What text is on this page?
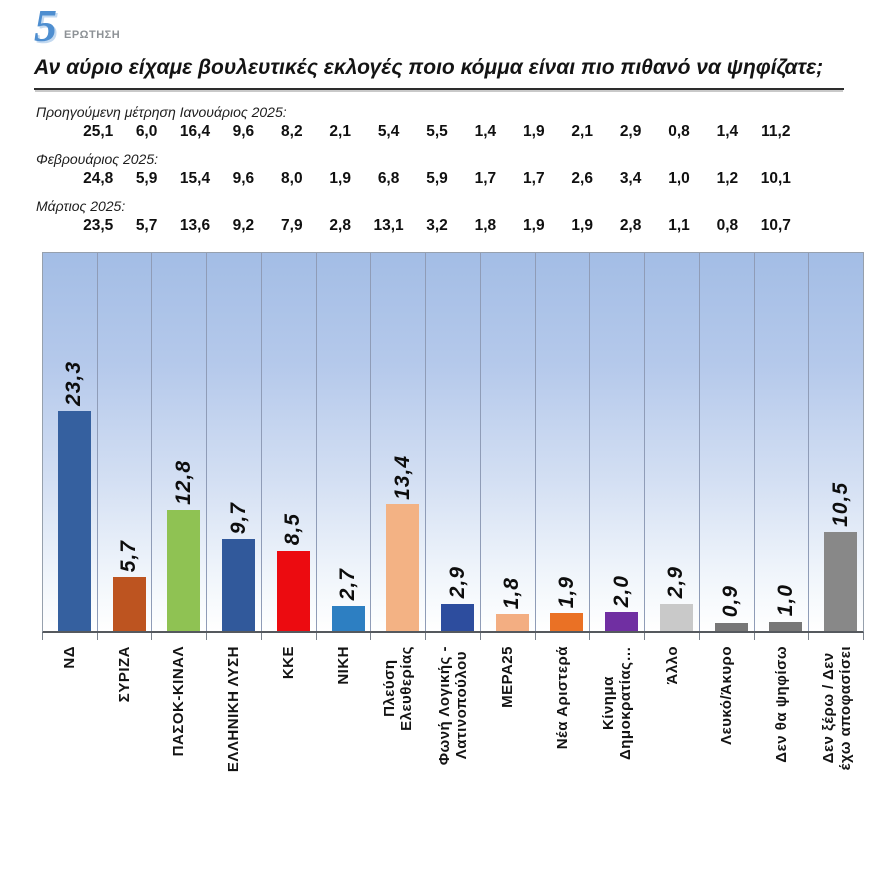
5 ΕΡΩΤΗΣΗ
Αν αύριο είχαμε βουλευτικές εκλογές ποιο κόμμα είναι πιο πιθανό να ψηφίζατε;
Προηγούμενη μέτρηση Ιανουάριος 2025:
25,1	6,0	16,4	9,6	8,2	2,1	5,4	5,5	1,4	1,9	2,1	2,9	0,8	1,4	11,2
Φεβρουάριος 2025:
24,8	5,9	15,4	9,6	8,0	1,9	6,8	5,9	1,7	1,7	2,6	3,4	1,0	1,2	10,1
Μάρτιος 2025:
23,5	5,7	13,6	9,2	7,9	2,8	13,1	3,2	1,8	1,9	1,9	2,8	1,1	0,8	10,7
23,3
5,7
12,8
9,7 8,5
2,7
13,4
2,9 1,8 1,9 2,0 2,9
0,9 1,0
10,5
ΝΔ	ΣΥΡΙΖΑ	ΠΑΣΟΚ-ΚΙΝΑΛ	ΕΛΛΗΝΙΚΗ ΛΥΣΗ	ΚΚΕ	ΝΙΚΗ Πλεύση
Ελευθερίας Φωνή Λογικής -
Λατινοπούλου ΜΕΡΑ25	Νέα Αριστερά Κίνημα
Δημοκρατίας… Άλλο	Λευκό/Άκυρο	Δεν θα ψηφίσω Δεν ξέρω / Δεν
έχω αποφασίσει
